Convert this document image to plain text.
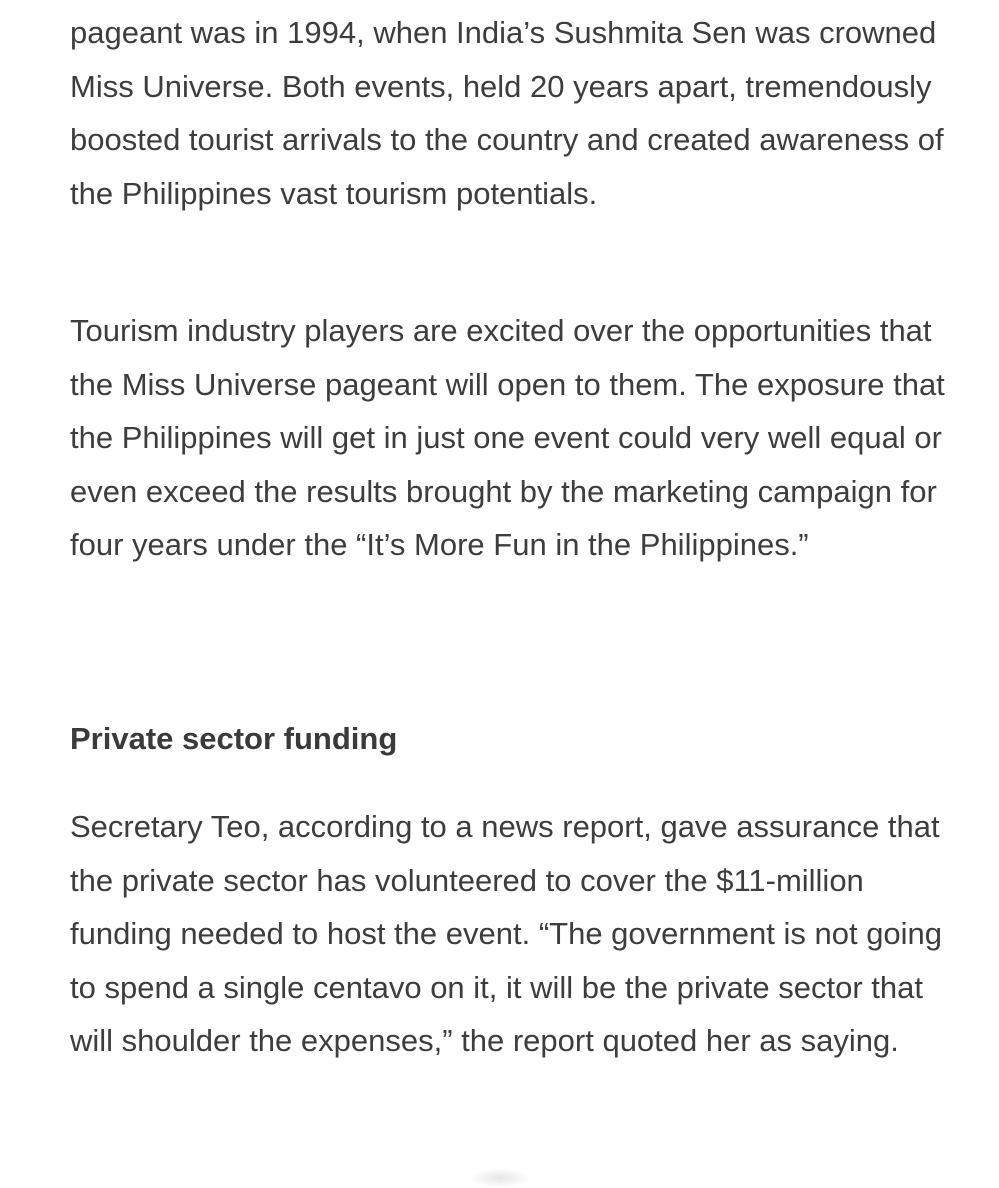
pageant was in 1994, when India’s Sushmita Sen was crowned Miss Universe. Both events, held 20 years apart, tremendously boosted tourist arrivals to the country and created awareness of the Philippines vast tourism potentials.

Tourism industry players are excited over the opportunities that the Miss Universe pageant will open to them. The exposure that the Philippines will get in just one event could very well equal or even exceed the results brought by the marketing campaign for four years under the “It’s More Fun in the Philippines.”

Private sector funding

Secretary Teo, according to a news report, gave assurance that the private sector has volunteered to cover the $11-million funding needed to host the event. “The government is not going to spend a single centavo on it, it will be the private sector that will shoulder the expenses,” the report quoted her as saying.
